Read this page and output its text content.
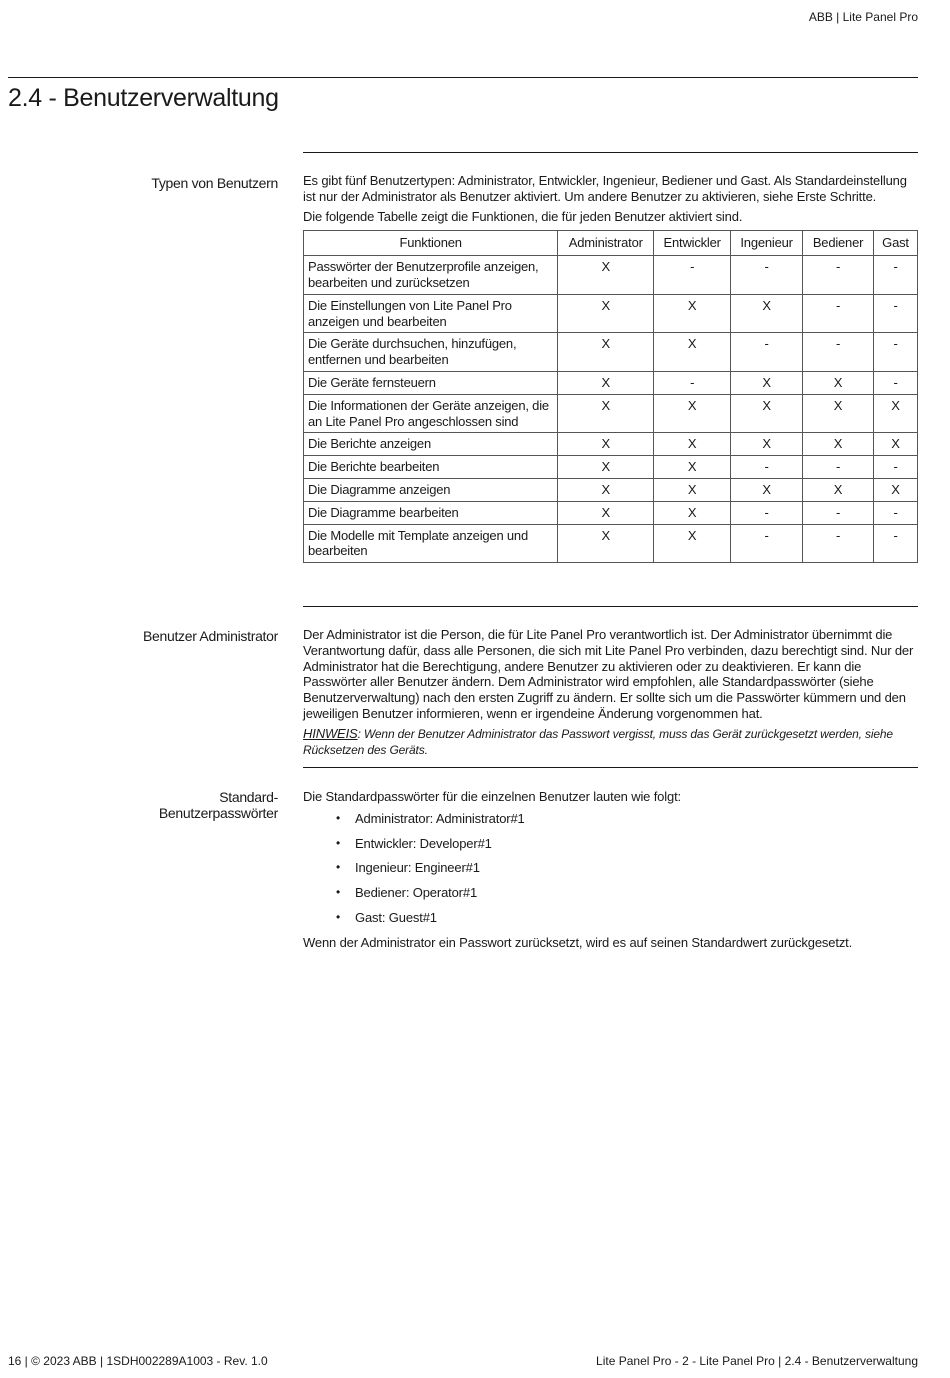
ABB | Lite Panel Pro
2.4 - Benutzerverwaltung
Typen von Benutzern Es gibt fünf Benutzertypen: Administrator, Entwickler, Ingenieur, Bediener und Gast. Als Standardeinstellung ist nur der Administrator als Benutzer aktiviert. Um andere Benutzer zu aktivieren, siehe Erste Schritte.

Die folgende Tabelle zeigt die Funktionen, die für jeden Benutzer aktiviert sind.

Funktionen	Administrator	Entwickler	Ingenieur	Bediener	Gast
Passwörter der Benutzerprofile anzeigen, bearbeiten und zurücksetzen	X	-	-	-	-
Die Einstellungen von Lite Panel Pro anzeigen und bearbeiten	X	X	X	-	-
Die Geräte durchsuchen, hinzufügen, entfernen und bearbeiten	X	X	-	-	-
Die Geräte fernsteuern	X	-	X	X	-
Die Informationen der Geräte anzeigen, die an Lite Panel Pro angeschlossen sind	X	X	X	X	X
Die Berichte anzeigen	X	X	X	X	X
Die Berichte bearbeiten	X	X	-	-	-
Die Diagramme anzeigen	X	X	X	X	X
Die Diagramme bearbeiten	X	X	-	-	-
Die Modelle mit Template anzeigen und bearbeiten	X	X	-	-	-
Benutzer Administrator Der Administrator ist die Person, die für Lite Panel Pro verantwortlich ist. Der Administrator übernimmt die Verantwortung dafür, dass alle Personen, die sich mit Lite Panel Pro verbinden, dazu berechtigt sind. Nur der Administrator hat die Berechtigung, andere Benutzer zu aktivieren oder zu deaktivieren. Er kann die Passwörter aller Benutzer ändern. Dem Administrator wird empfohlen, alle Standardpasswörter (siehe Benutzerverwaltung) nach den ersten Zugriff zu ändern. Er sollte sich um die Passwörter kümmern und den jeweiligen Benutzer informieren, wenn er irgendeine Änderung vorgenommen hat.

HINWEIS: Wenn der Benutzer Administrator das Passwort vergisst, muss das Gerät zurückgesetzt werden, siehe Rücksetzen des Geräts.
Standard-
Benutzerpasswörter

Die Standardpasswörter für die einzelnen Benutzer lauten wie folgt:

• Administrator: Administrator#1
• Entwickler: Developer#1
• Ingenieur: Engineer#1
• Bediener: Operator#1
• Gast: Guest#1

Wenn der Administrator ein Passwort zurücksetzt, wird es auf seinen Standardwert zurückgesetzt.

16 | © 2023 ABB | 1SDH002289A1003 - Rev. 1.0	Lite Panel Pro - 2 - Lite Panel Pro | 2.4 - Benutzerverwaltung
